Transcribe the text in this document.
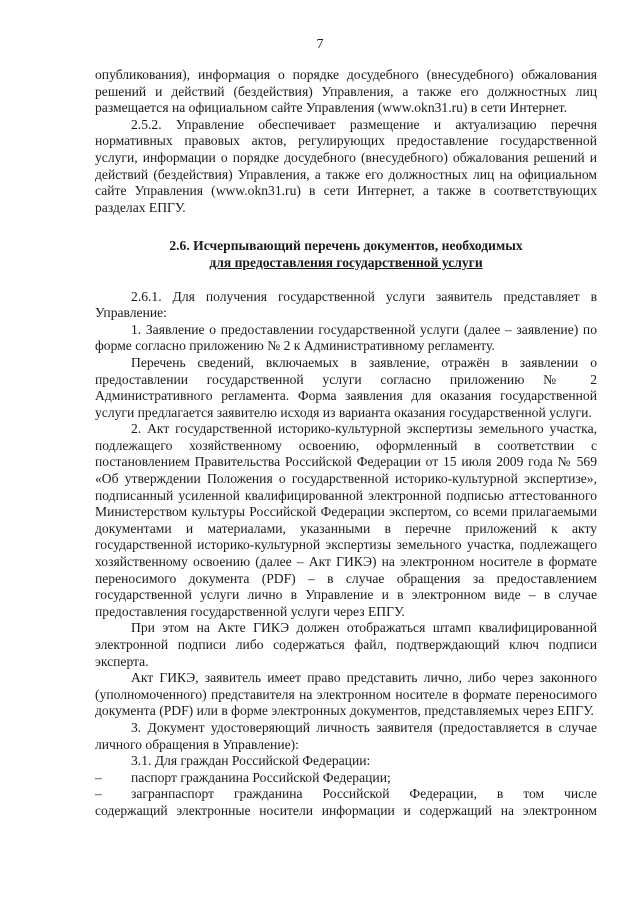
7

опубликования), информация о порядке досудебного (внесудебного) обжалования решений и действий (бездействия) Управления, а также его должностных лиц размещается на официальном сайте Управления (www.okn31.ru) в сети Интернет.

2.5.2. Управление обеспечивает размещение и актуализацию перечня нормативных правовых актов, регулирующих предоставление государственной услуги, информации о порядке досудебного (внесудебного) обжалования решений и действий (бездействия) Управления, а также его должностных лиц на официальном сайте Управления (www.okn31.ru) в сети Интернет, а также в соответствующих разделах ЕПГУ.

2.6. Исчерпывающий перечень документов, необходимых
для предоставления государственной услуги

2.6.1. Для получения государственной услуги заявитель представляет в Управление:

1. Заявление о предоставлении государственной услуги (далее – заявление) по форме согласно приложению № 2 к Административному регламенту.

Перечень сведений, включаемых в заявление, отражён в заявлении о предоставлении государственной услуги согласно приложению № 2 Административного регламента. Форма заявления для оказания государственной услуги предлагается заявителю исходя из варианта оказания государственной услуги.

2. Акт государственной историко-культурной экспертизы земельного участка, подлежащего хозяйственному освоению, оформленный в соответствии с постановлением Правительства Российской Федерации от 15 июля 2009 года № 569 «Об утверждении Положения о государственной историко-культурной экспертизе», подписанный усиленной квалифицированной электронной подписью аттестованного Министерством культуры Российской Федерации экспертом, со всеми прилагаемыми документами и материалами, указанными в перечне приложений к акту государственной историко-культурной экспертизы земельного участка, подлежащего хозяйственному освоению (далее – Акт ГИКЭ) на электронном носителе в формате переносимого документа (PDF) – в случае обращения за предоставлением государственной услуги лично в Управление и в электронном виде – в случае предоставления государственной услуги через ЕПГУ.

При этом на Акте ГИКЭ должен отображаться штамп квалифицированной электронной подписи либо содержаться файл, подтверждающий ключ подписи эксперта.

Акт ГИКЭ, заявитель имеет право представить лично, либо через законного (уполномоченного) представителя на электронном носителе в формате переносимого документа (PDF) или в форме электронных документов, представляемых через ЕПГУ.

3. Документ удостоверяющий личность заявителя (предоставляется в случае личного обращения в Управление):

3.1. Для граждан Российской Федерации:

–	паспорт гражданина Российской Федерации;
–	загранпаспорт гражданина Российской Федерации, в том числе

содержащий электронные носители информации и содержащий на электронном
